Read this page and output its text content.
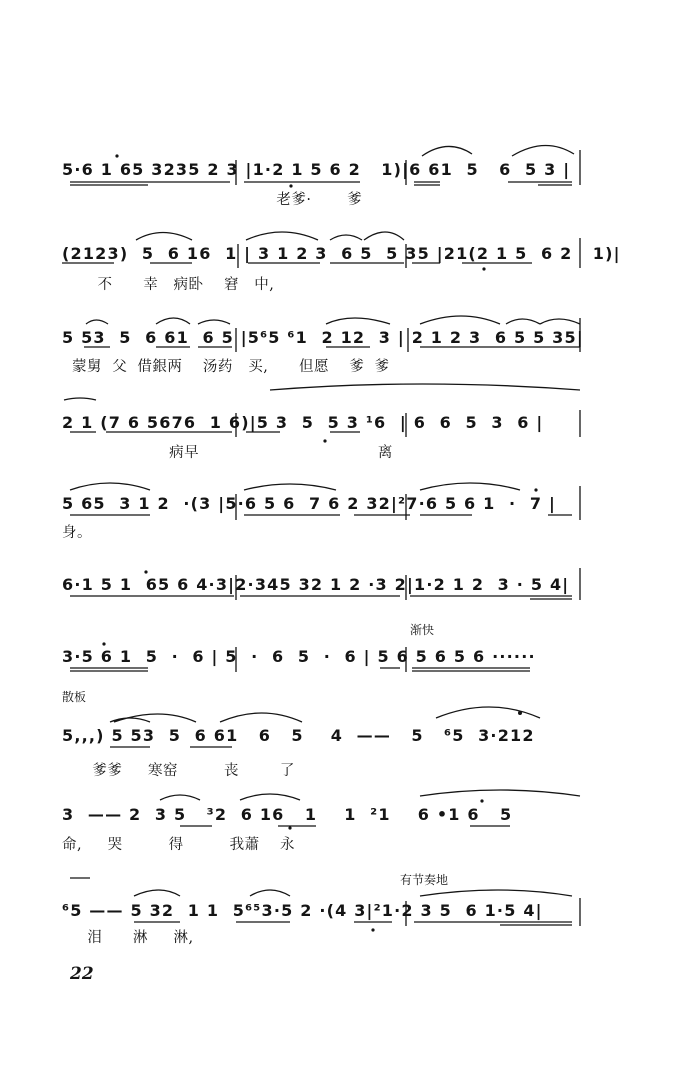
5·6 1 65 3235 2 3 |1·2 1 5 6 2   1)|6 61  5   6  5 3 |
老爹·       爹
(2123)  5  6 16  1 | 3 1 2 3  6 5  5 35 |21(2 1 5  6 2   1)|
不      幸   病卧    窘   中,
5 53  5  6 61  6 5 |5⁶5 ⁶1  2 12  3 | 2 1 2 3  6 5 5 35|
蒙舅  父  借銀两    汤药   买,      但愿    爹  爹
2 1 (7 6 5676  1 6)|5 3  5  5 3 ¹6  | 6  6  5  3  6 |
病早                                   离
5 65  3 1 2  ·(3 |5·6 5 6  7 6 2 32|²7·6 5 6 1  ·  7 |
身。
6·1 5 1  65 6 4·3|2·345 32 1 2 ·3 2|1·2 1 2  3 · 5 4|
渐快
3·5 6 1  5  ·  6 | 5  ·  6  5  ·  6 | 5 6 5 6 5 6 ······
散板
5,,,) 5 53  5  6 61   6   5    4  ——   5   ⁶5  3·212
爹爹     寒窑         丧        了
3  —— 2  3 5   ³2  6 16   1    1  ²1    6 •1 6   5
命,     哭         得         我蕭    永
有节奏地
⁶5 —— 5 32  1 1  5⁶⁵3·5 2 ·(4 3|²1·2 3 5  6 1·5 4|
泪      淋     淋,
22
